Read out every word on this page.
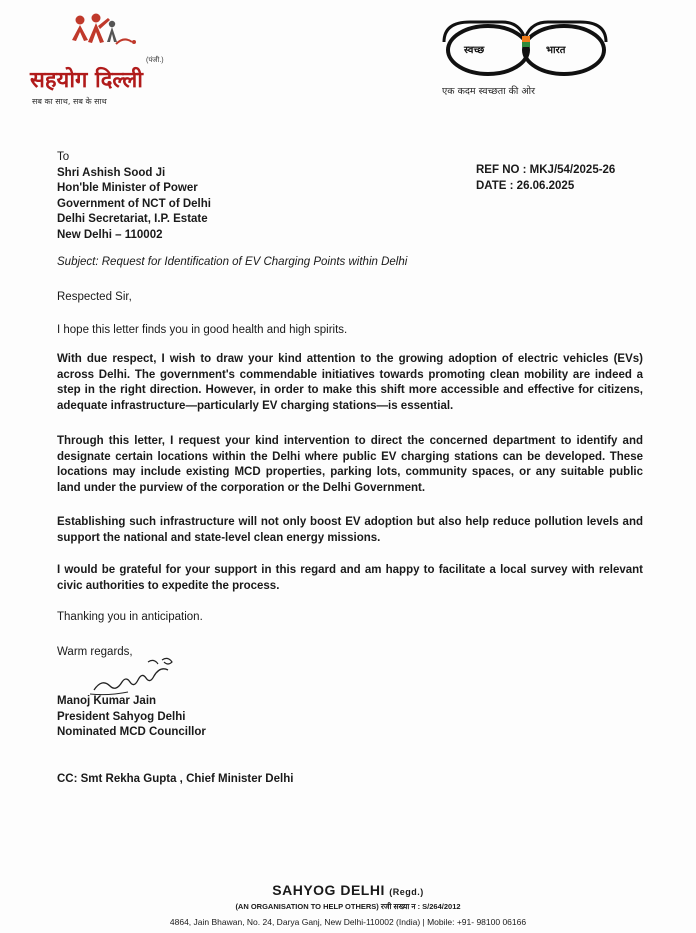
(पंजी.)
सहयोग दिल्ली
सब का साथ, सब के साथ
स्वच्छ	भारत
एक कदम स्वच्छता की ओर
To
Shri Ashish Sood Ji
Hon'ble Minister of Power
Government of NCT of Delhi
Delhi Secretariat, I.P. Estate
New Delhi – 110002
REF NO : MKJ/54/2025-26
DATE : 26.06.2025
Subject: Request for Identification of EV Charging Points within Delhi
Respected Sir,
I hope this letter finds you in good health and high spirits.
With due respect, I wish to draw your kind attention to the growing adoption of electric vehicles (EVs) across Delhi. The government's commendable initiatives towards promoting clean mobility are indeed a step in the right direction. However, in order to make this shift more accessible and effective for citizens, adequate infrastructure—particularly EV charging stations—is essential.
Through this letter, I request your kind intervention to direct the concerned department to identify and designate certain locations within the Delhi where public EV charging stations can be developed. These locations may include existing MCD properties, parking lots, community spaces, or any suitable public land under the purview of the corporation or the Delhi Government.
Establishing such infrastructure will not only boost EV adoption but also help reduce pollution levels and support the national and state-level clean energy missions.
I would be grateful for your support in this regard and am happy to facilitate a local survey with relevant civic authorities to expedite the process.
Thanking you in anticipation.
Warm regards,
Manoj Kumar Jain
President Sahyog Delhi
Nominated MCD Councillor
CC: Smt Rekha Gupta , Chief Minister Delhi
SAHYOG DELHI (Regd.)
(AN ORGANISATION TO HELP OTHERS) रजी सख्या न : S/264/2012
4864, Jain Bhawan, No. 24, Darya Ganj, New Delhi-110002 (India) | Mobile: +91- 98100 06166
